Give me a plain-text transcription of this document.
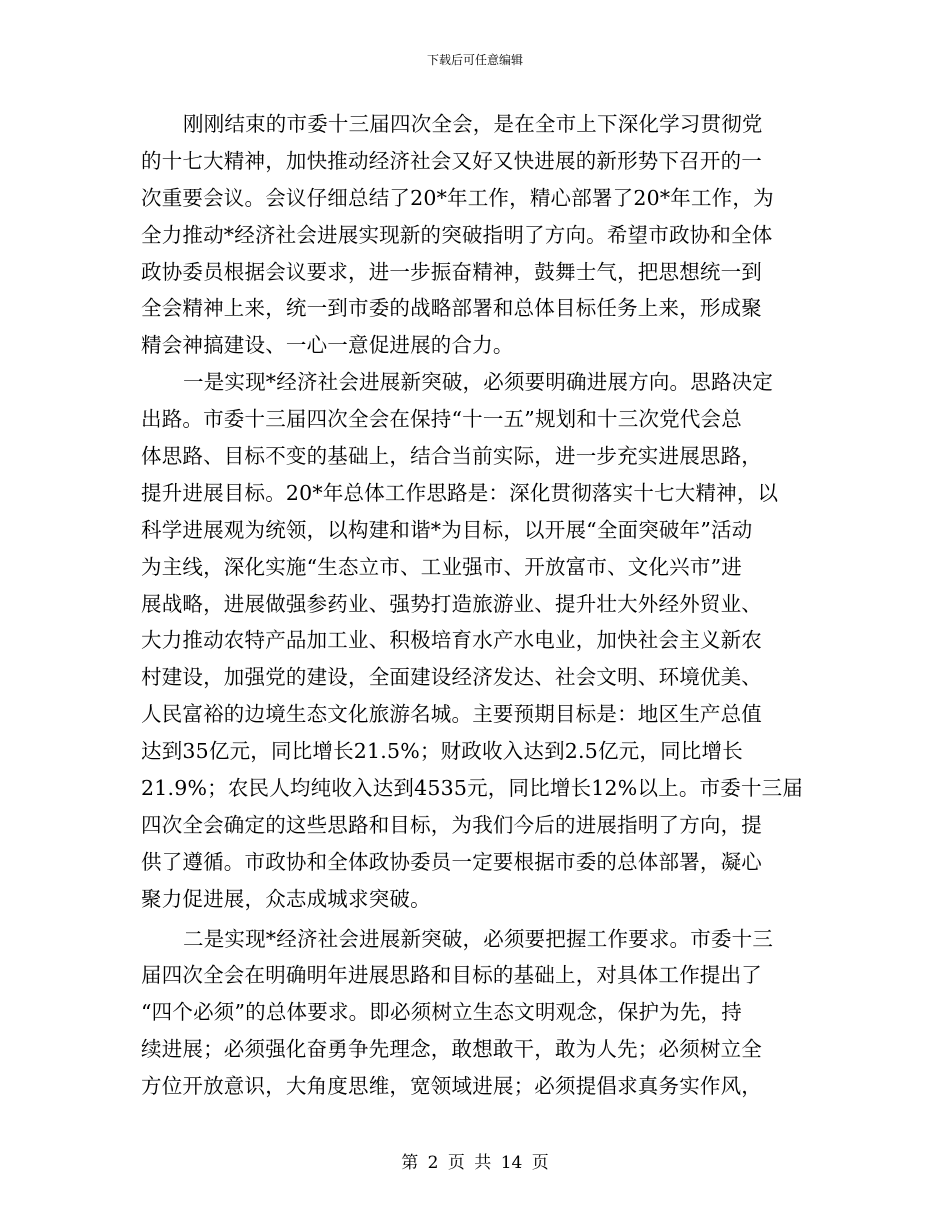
下载后可任意编辑
刚刚结束的市委十三届四次全会，是在全市上下深化学习贯彻党
的十七大精神，加快推动经济社会又好又快进展的新形势下召开的一
次重要会议。会议仔细总结了20*年工作，精心部署了20*年工作，为
全力推动*经济社会进展实现新的突破指明了方向。希望市政协和全体
政协委员根据会议要求，进一步振奋精神，鼓舞士气，把思想统一到
全会精神上来，统一到市委的战略部署和总体目标任务上来，形成聚
精会神搞建设、一心一意促进展的合力。
一是实现*经济社会进展新突破，必须要明确进展方向。思路决定
出路。市委十三届四次全会在保持“十一五”规划和十三次党代会总
体思路、目标不变的基础上，结合当前实际，进一步充实进展思路，
提升进展目标。20*年总体工作思路是：深化贯彻落实十七大精神，以
科学进展观为统领，以构建和谐*为目标，以开展“全面突破年”活动
为主线，深化实施“生态立市、工业强市、开放富市、文化兴市”进
展战略，进展做强参药业、强势打造旅游业、提升壮大外经外贸业、
大力推动农特产品加工业、积极培育水产水电业，加快社会主义新农
村建设，加强党的建设，全面建设经济发达、社会文明、环境优美、
人民富裕的边境生态文化旅游名城。主要预期目标是：地区生产总值
达到35亿元，同比增长21.5%；财政收入达到2.5亿元，同比增长
21.9%；农民人均纯收入达到4535元，同比增长12%以上。市委十三届
四次全会确定的这些思路和目标，为我们今后的进展指明了方向，提
供了遵循。市政协和全体政协委员一定要根据市委的总体部署，凝心
聚力促进展，众志成城求突破。
二是实现*经济社会进展新突破，必须要把握工作要求。市委十三
届四次全会在明确明年进展思路和目标的基础上，对具体工作提出了
“四个必须”的总体要求。即必须树立生态文明观念，保护为先，持
续进展；必须强化奋勇争先理念，敢想敢干，敢为人先；必须树立全
方位开放意识，大角度思维，宽领域进展；必须提倡求真务实作风，
第 2 页 共 14 页
